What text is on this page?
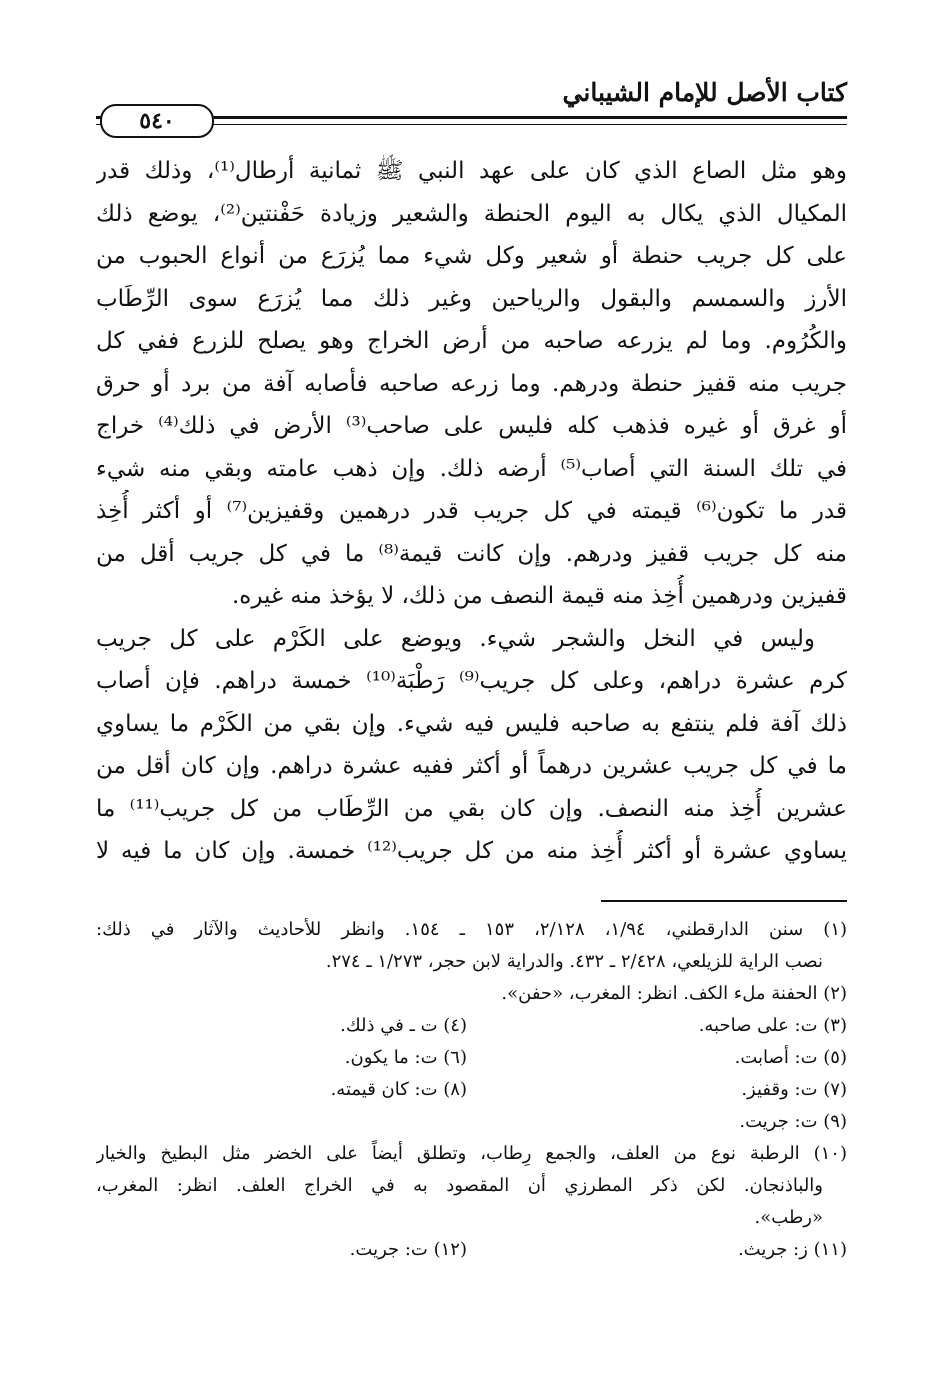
كتاب الأصل للإمام الشيباني
٥٤٠
وهو مثل الصاع الذي كان على عهد النبي ﷺ ثمانية أرطال⁽¹⁾، وذلك قدر
المكيال الذي يكال به اليوم الحنطة والشعير وزيادة حَفْنتين⁽²⁾، يوضع ذلك
على كل جريب حنطة أو شعير وكل شيء مما يُزرَع من أنواع الحبوب من
الأرز والسمسم والبقول والرياحين وغير ذلك مما يُزرَع سوى الرِّطَاب
والكُرُوم. وما لم يزرعه صاحبه من أرض الخراج وهو يصلح للزرع ففي كل
جريب منه قفيز حنطة ودرهم. وما زرعه صاحبه فأصابه آفة من برد أو حرق
أو غرق أو غيره فذهب كله فليس على صاحب⁽³⁾ الأرض في ذلك⁽⁴⁾ خراج
في تلك السنة التي أصاب⁽⁵⁾ أرضه ذلك. وإن ذهب عامته وبقي منه شيء
قدر ما تكون⁽⁶⁾ قيمته في كل جريب قدر درهمين وقفيزين⁽⁷⁾ أو أكثر أُخِذ
منه كل جريب قفيز ودرهم. وإن كانت قيمة⁽⁸⁾ ما في كل جريب أقل من
قفيزين ودرهمين أُخِذ منه قيمة النصف من ذلك، لا يؤخذ منه غيره.
وليس في النخل والشجر شيء. ويوضع على الكَرْم على كل جريب
كرم عشرة دراهم، وعلى كل جريب⁽⁹⁾ رَطْبَة⁽¹⁰⁾ خمسة دراهم. فإن أصاب
ذلك آفة فلم ينتفع به صاحبه فليس فيه شيء. وإن بقي من الكَرْم ما يساوي
ما في كل جريب عشرين درهماً أو أكثر ففيه عشرة دراهم. وإن كان أقل من
عشرين أُخِذ منه النصف. وإن كان بقي من الرِّطَاب من كل جريب⁽¹¹⁾ ما
يساوي عشرة أو أكثر أُخِذ منه من كل جريب⁽¹²⁾ خمسة. وإن كان ما فيه لا
(١) سنن الدارقطني، ١/٩٤، ٢/١٢٨، ١٥٣ ـ ١٥٤. وانظر للأحاديث والآثار في ذلك:
نصب الراية للزيلعي، ٢/٤٢٨ ـ ٤٣٢. والدراية لابن حجر، ١/٢٧٣ ـ ٢٧٤.
(٢) الحفنة ملء الكف. انظر: المغرب، «حفن».
(٣) ت: على صاحبه.
(٤) ت ـ في ذلك.
(٥) ت: أصابت.
(٦) ت: ما يكون.
(٧) ت: وقفيز.
(٨) ت: كان قيمته.
(٩) ت: جريت.
(١٠) الرطبة نوع من العلف، والجمع رِطاب، وتطلق أيضاً على الخضر مثل البطيخ والخيار
والباذنجان. لكن ذكر المطرزي أن المقصود به في الخراج العلف. انظر: المغرب،
«رطب».
(١١) ز: جريث.
(١٢) ت: جريت.
